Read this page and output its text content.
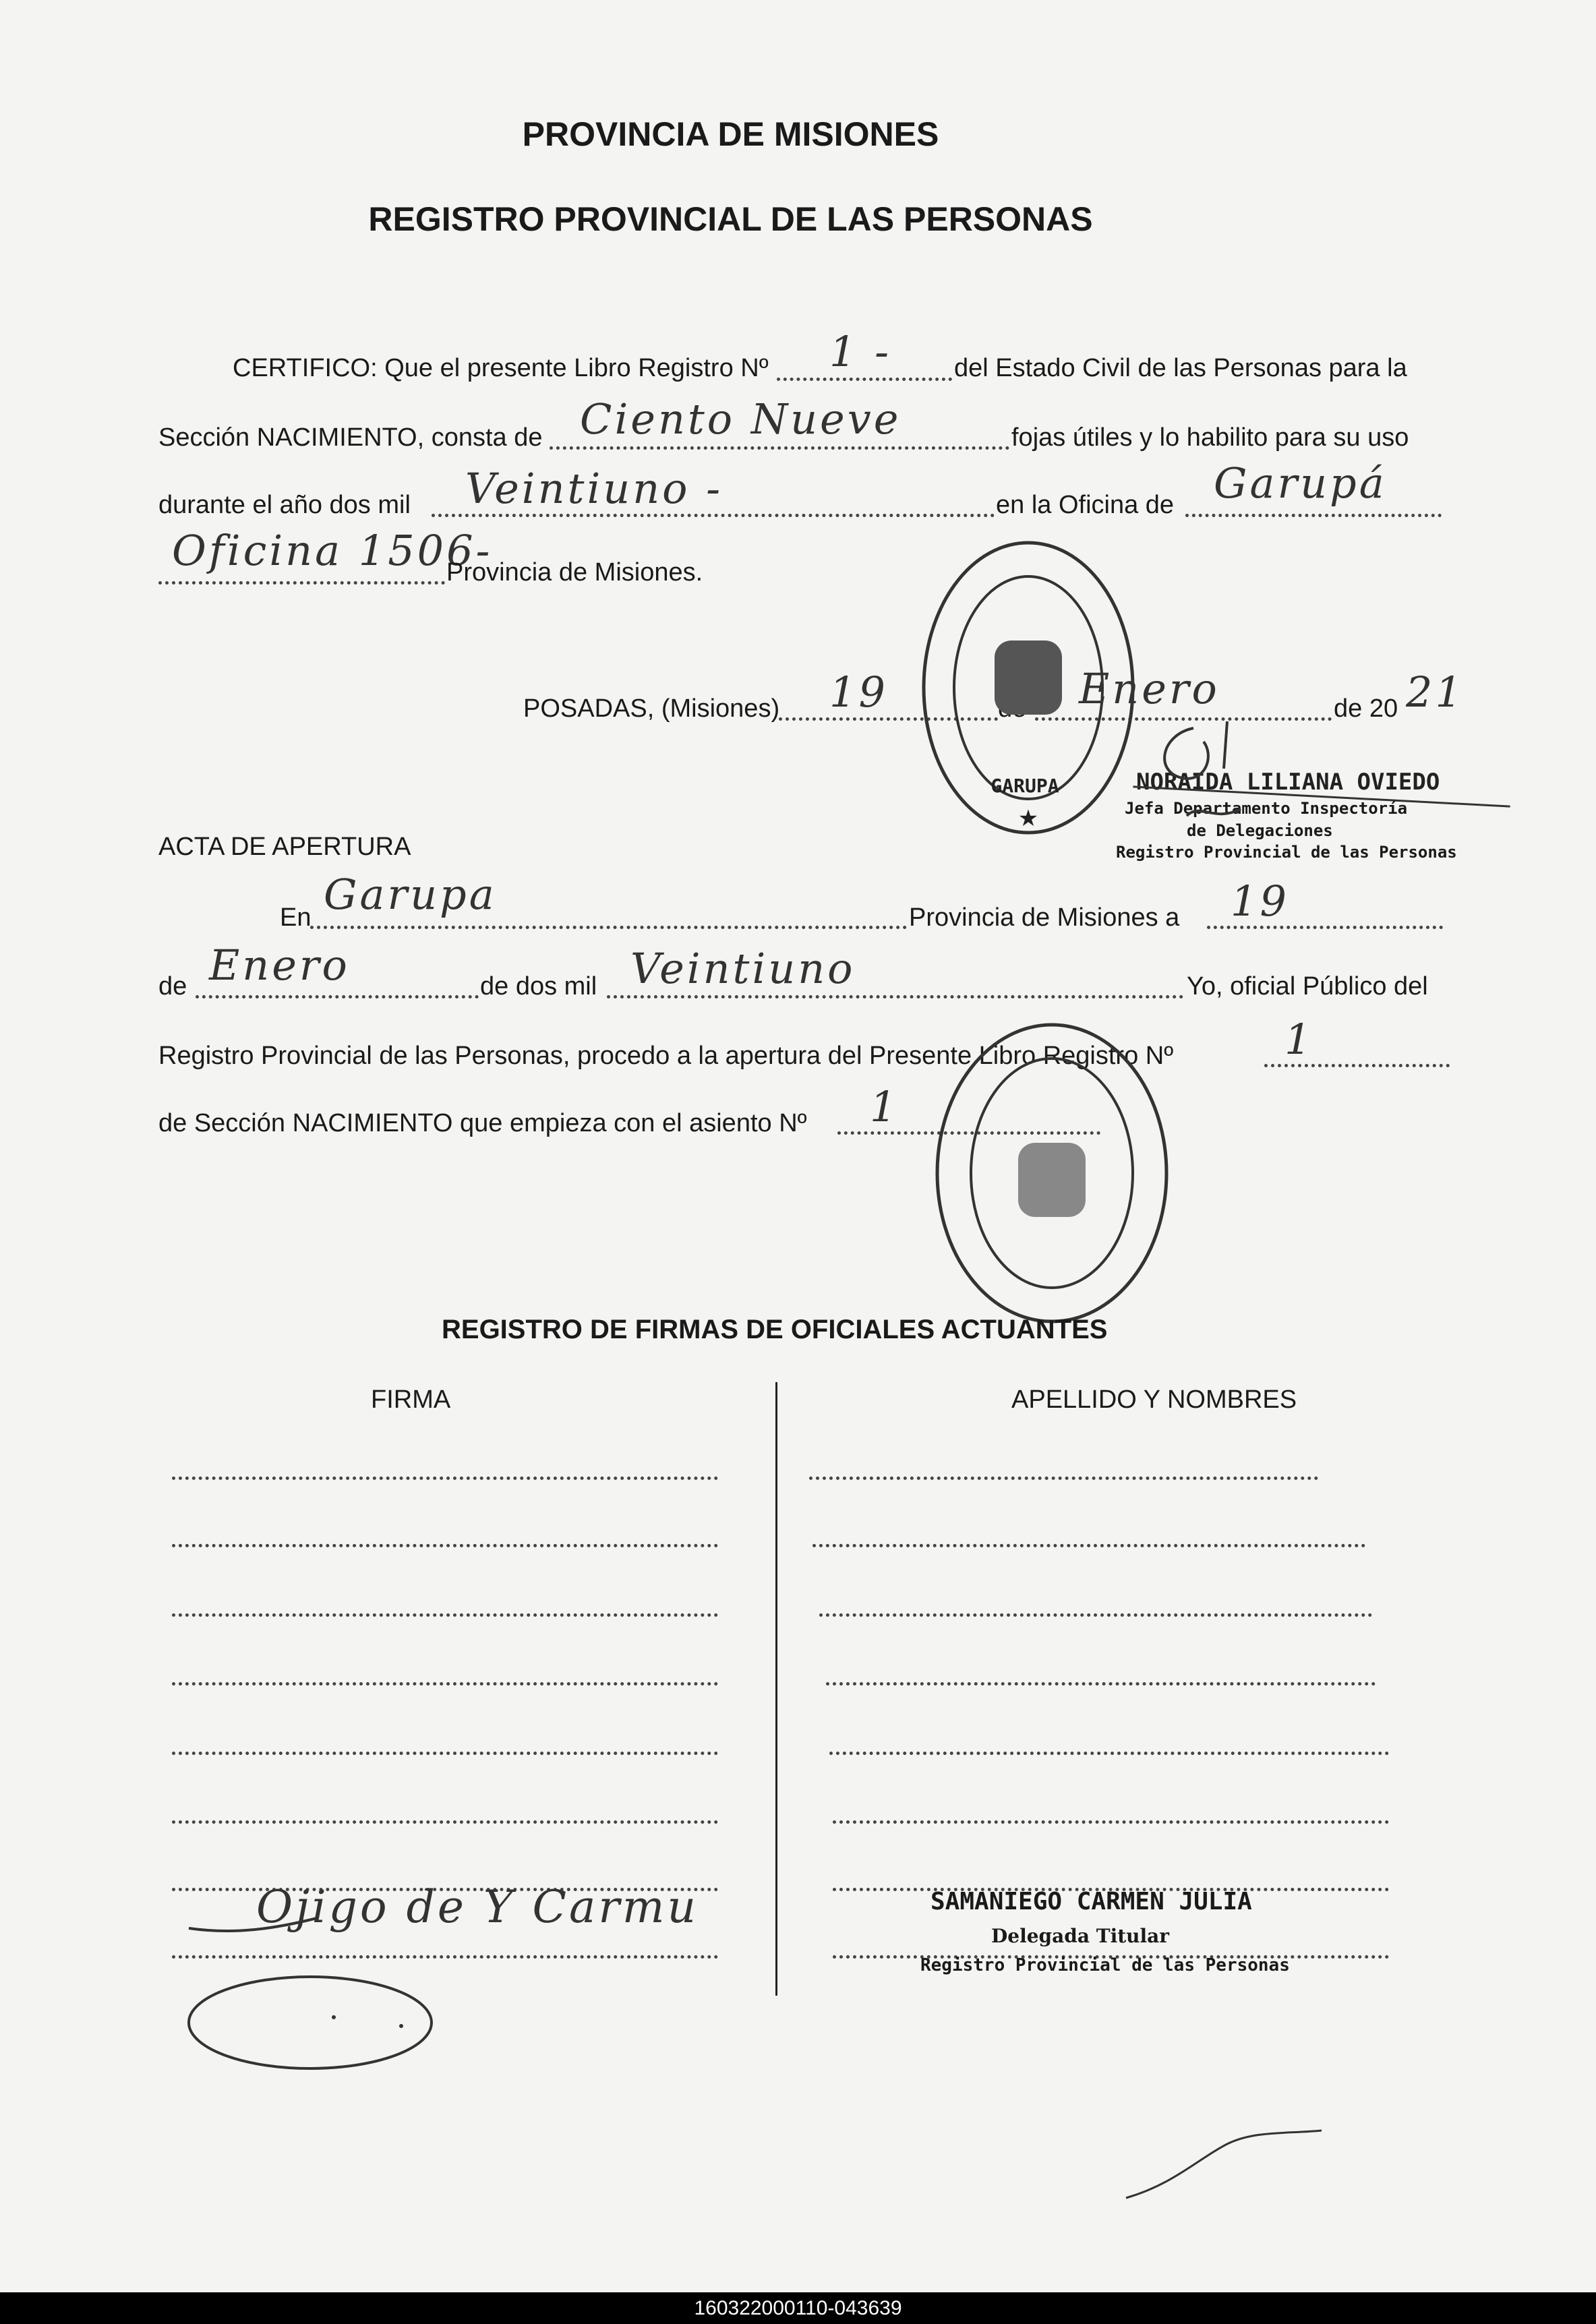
PROVINCIA DE MISIONES
REGISTRO PROVINCIAL DE LAS PERSONAS
CERTIFICO: Que el presente Libro Registro Nº 1 - del Estado Civil de las Personas para la
Sección NACIMIENTO, consta de Ciento Nueve	fojas útiles y lo habilito para su uso
durante el año dos mil Veintiuno -	en la Oficina de Garupá
Oficina 1506-
Provincia de Misiones.
POSADAS, (Misiones) 19	Enero	de 20 21
GARUPA
★
NORAIDA LILIANA OVIEDO
Jefa Departamento Inspectoría
de Delegaciones
Registro Provincial de las Personas
ACTA DE APERTURA
En Garupa	Provincia de Misiones a 19
de Enero	de dos mil Veintiuno	Yo, oficial Público del
Registro Provincial de las Personas, procedo a la apertura del Presente Libro Registro Nº	1
de Sección NACIMIENTO que empieza con el asiento Nº 1
REGISTRO DE FIRMAS DE OFICIALES ACTUANTES
FIRMA	APELLIDO Y NOMBRES
Ojigo de Y Carmu	SAMANIEGO CARMEN JULIA
Delegada Titular
Registro Provincial de las Personas
160322000110-043639
